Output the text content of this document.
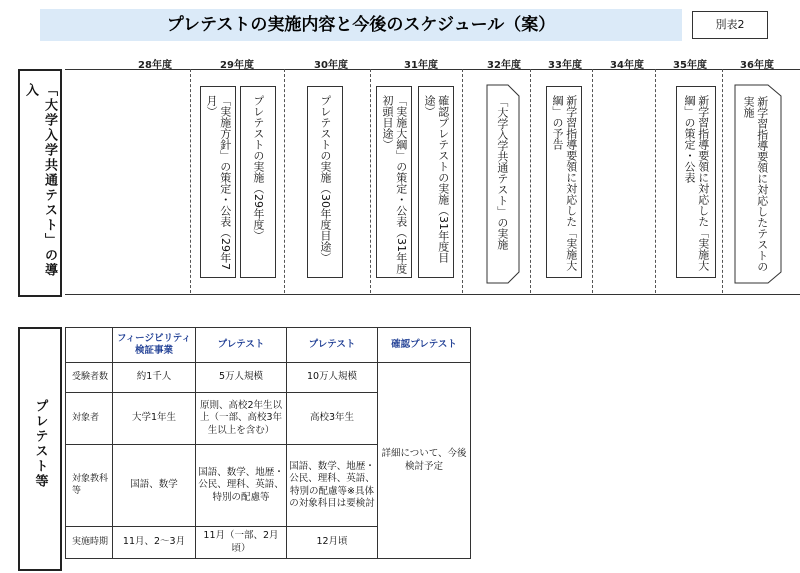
プレテストの実施内容と今後のスケジュール（案）	別表2
28年度	29年度	30年度	31年度	32年度	33年度	34年度	35年度	36年度
「大学入学共通テスト」の導入
「実施方針」の策定・公表（29年7月）	プレテストの実施（29年度）	プレテストの実施（30年度目途）	「実施大綱」の策定・公表（31年度初頭目途）	確認プレテストの実施（31年度目途）	「大学入学共通テスト」の実施	新学習指導要領に対応した「実施大綱」の予告	新学習指導要領に対応した「実施大綱」の策定・公表	新学習指導要領に対応したテストの実施
プレテスト等
	フィージビリティ検証事業	プレテスト	プレテスト	確認プレテスト
受験者数	約1千人	5万人規模	10万人規模	詳細について、今後検討予定
対象者	大学1年生	原則、高校2年生以上（一部、高校3年生以上を含む）	高校3年生	
対象教科等	国語、数学	国語、数学、地歴・公民、理科、英語、特別の配慮等	国語、数学、地歴・公民、理科、英語、特別の配慮等※具体の対象科目は要検討	
実施時期	11月、2～3月	11月（一部、2月頃）	12月頃	
